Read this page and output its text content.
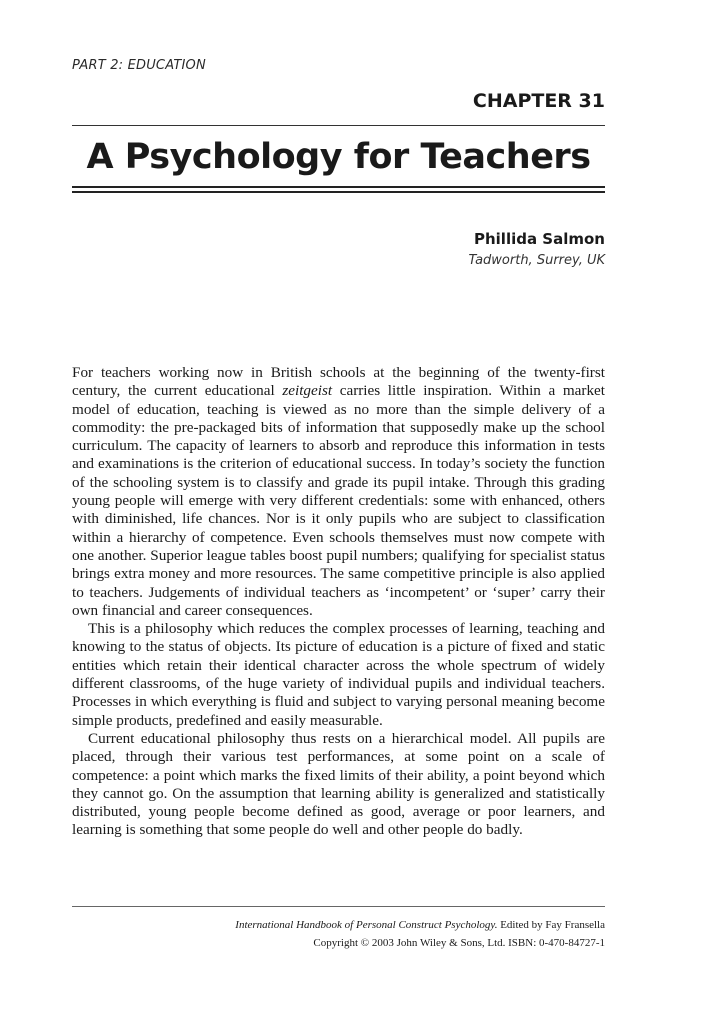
PART 2: EDUCATION
CHAPTER 31
A Psychology for Teachers
Phillida Salmon
Tadworth, Surrey, UK

For teachers working now in British schools at the beginning of the twenty-first century, the current educational zeitgeist carries little inspiration. Within a market model of education, teaching is viewed as no more than the simple delivery of a commodity: the pre-packaged bits of information that supposedly make up the school curriculum. The capacity of learners to absorb and reproduce this information in tests and examinations is the criterion of educational success. In today’s society the function of the schooling system is to classify and grade its pupil intake. Through this grading young people will emerge with very different credentials: some with enhanced, others with diminished, life chances. Nor is it only pupils who are subject to classification within a hierarchy of competence. Even schools themselves must now compete with one another. Superior league tables boost pupil numbers; qualifying for specialist status brings extra money and more resources. The same competitive principle is also applied to teachers. Judgements of individual teachers as ‘incompetent’ or ‘super’ carry their own financial and career consequences.

This is a philosophy which reduces the complex processes of learning, teaching and knowing to the status of objects. Its picture of education is a picture of fixed and static entities which retain their identical character across the whole spectrum of widely different classrooms, of the huge variety of individual pupils and individual teachers. Processes in which everything is fluid and subject to varying personal meaning become simple products, predefined and easily measurable.

Current educational philosophy thus rests on a hierarchical model. All pupils are placed, through their various test performances, at some point on a scale of competence: a point which marks the fixed limits of their ability, a point beyond which they cannot go. On the assumption that learning ability is generalized and statistically distributed, young people become defined as good, average or poor learners, and learning is something that some people do well and other people do badly.

International Handbook of Personal Construct Psychology. Edited by Fay Fransella
Copyright © 2003 John Wiley & Sons, Ltd. ISBN: 0-470-84727-1
